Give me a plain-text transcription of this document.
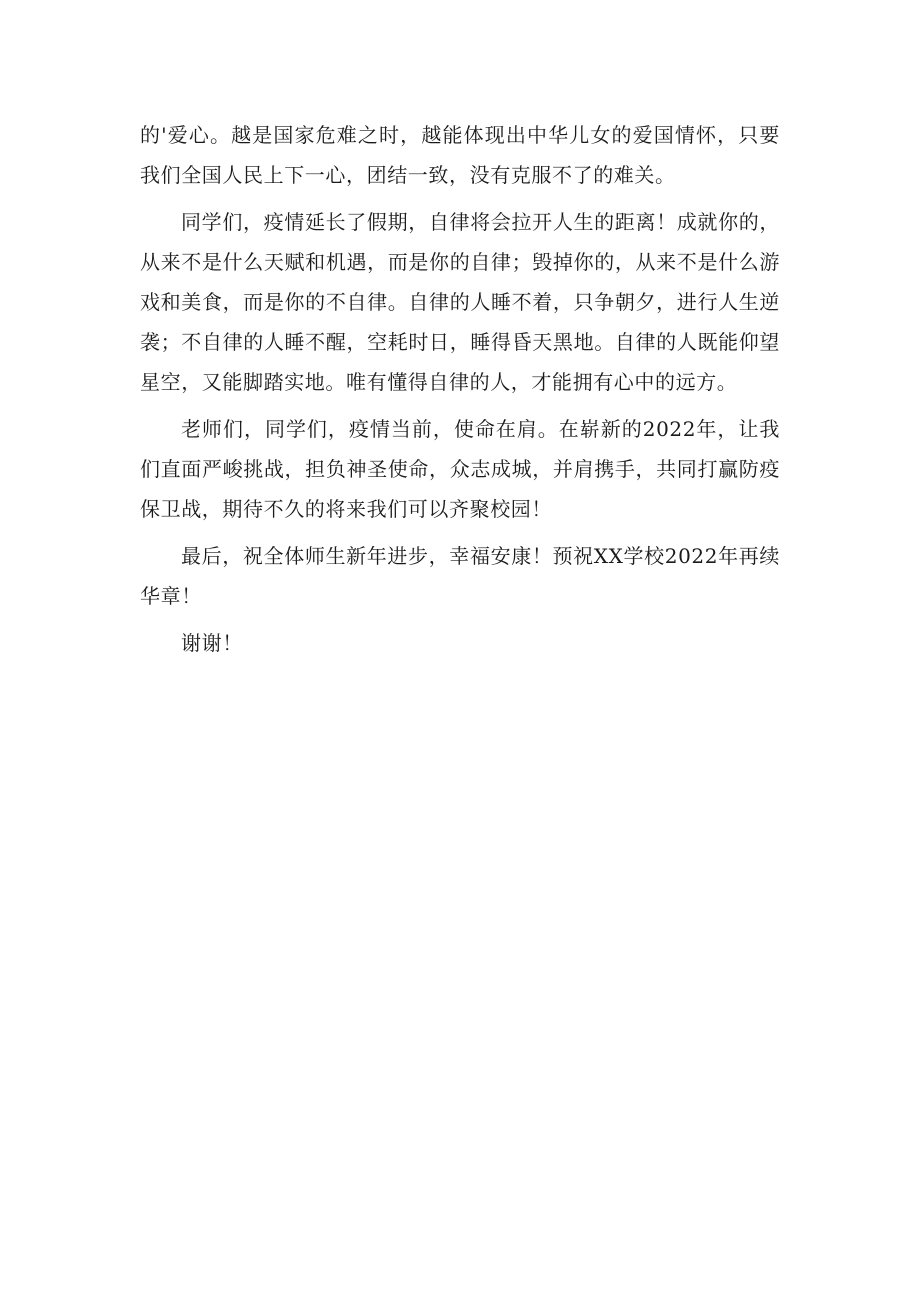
的'爱心。越是国家危难之时，越能体现出中华儿女的爱国情怀，只要我们全国人民上下一心，团结一致，没有克服不了的难关。

同学们，疫情延长了假期，自律将会拉开人生的距离！成就你的，从来不是什么天赋和机遇，而是你的自律；毁掉你的，从来不是什么游戏和美食，而是你的不自律。自律的人睡不着，只争朝夕，进行人生逆袭；不自律的人睡不醒，空耗时日，睡得昏天黑地。自律的人既能仰望星空，又能脚踏实地。唯有懂得自律的人，才能拥有心中的远方。

老师们，同学们，疫情当前，使命在肩。在崭新的2022年，让我们直面严峻挑战，担负神圣使命，众志成城，并肩携手，共同打赢防疫保卫战，期待不久的将来我们可以齐聚校园！

最后，祝全体师生新年进步，幸福安康！预祝XX学校2022年再续华章！

谢谢！
